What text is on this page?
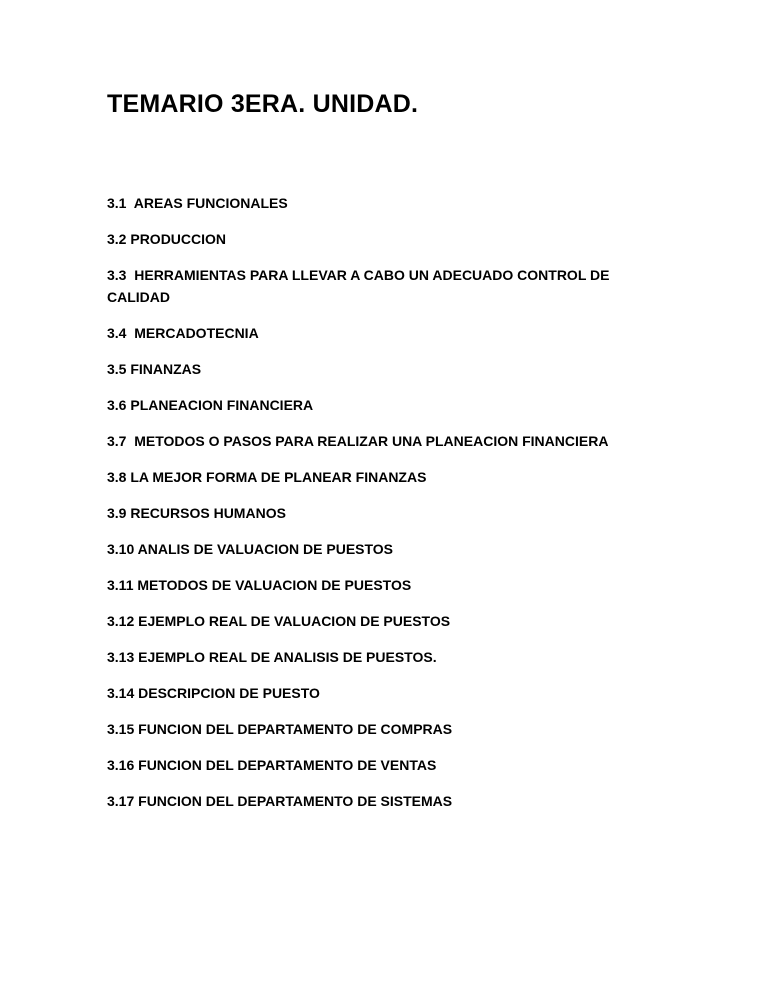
TEMARIO 3ERA. UNIDAD.
3.1  AREAS FUNCIONALES
3.2 PRODUCCION
3.3  HERRAMIENTAS PARA LLEVAR A CABO UN ADECUADO CONTROL DE CALIDAD
3.4  MERCADOTECNIA
3.5 FINANZAS
3.6 PLANEACION FINANCIERA
3.7  METODOS O PASOS PARA REALIZAR UNA PLANEACION FINANCIERA
3.8 LA MEJOR FORMA DE PLANEAR FINANZAS
3.9 RECURSOS HUMANOS
3.10 ANALIS DE VALUACION DE PUESTOS
3.11 METODOS DE VALUACION DE PUESTOS
3.12 EJEMPLO REAL DE VALUACION DE PUESTOS
3.13 EJEMPLO REAL DE ANALISIS DE PUESTOS.
3.14 DESCRIPCION DE PUESTO
3.15 FUNCION DEL DEPARTAMENTO DE COMPRAS
3.16 FUNCION DEL DEPARTAMENTO DE VENTAS
3.17 FUNCION DEL DEPARTAMENTO DE SISTEMAS
